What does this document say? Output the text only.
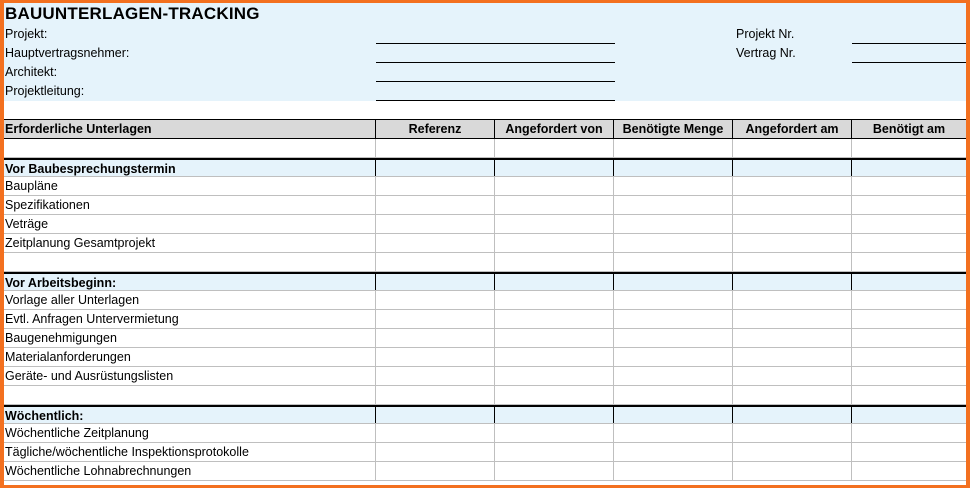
BAUUNTERLAGEN-TRACKING
Projekt:
Hauptvertragsnehmer:
Architekt:
Projektleitung:
Projekt Nr.
Vertrag Nr.
Erforderliche Unterlagen	Referenz	Angefordert von	Benötigte Menge	Angefordert am	Benötigt am
Vor Baubesprechungstermin
Baupläne
Spezifikationen
Veträge
Zeitplanung Gesamtprojekt
Vor Arbeitsbeginn:
Vorlage aller Unterlagen
Evtl. Anfragen Untervermietung
Baugenehmigungen
Materialanforderungen
Geräte- und Ausrüstungslisten
Wöchentlich:
Wöchentliche Zeitplanung
Tägliche/wöchentliche Inspektionsprotokolle
Wöchentliche Lohnabrechnungen
